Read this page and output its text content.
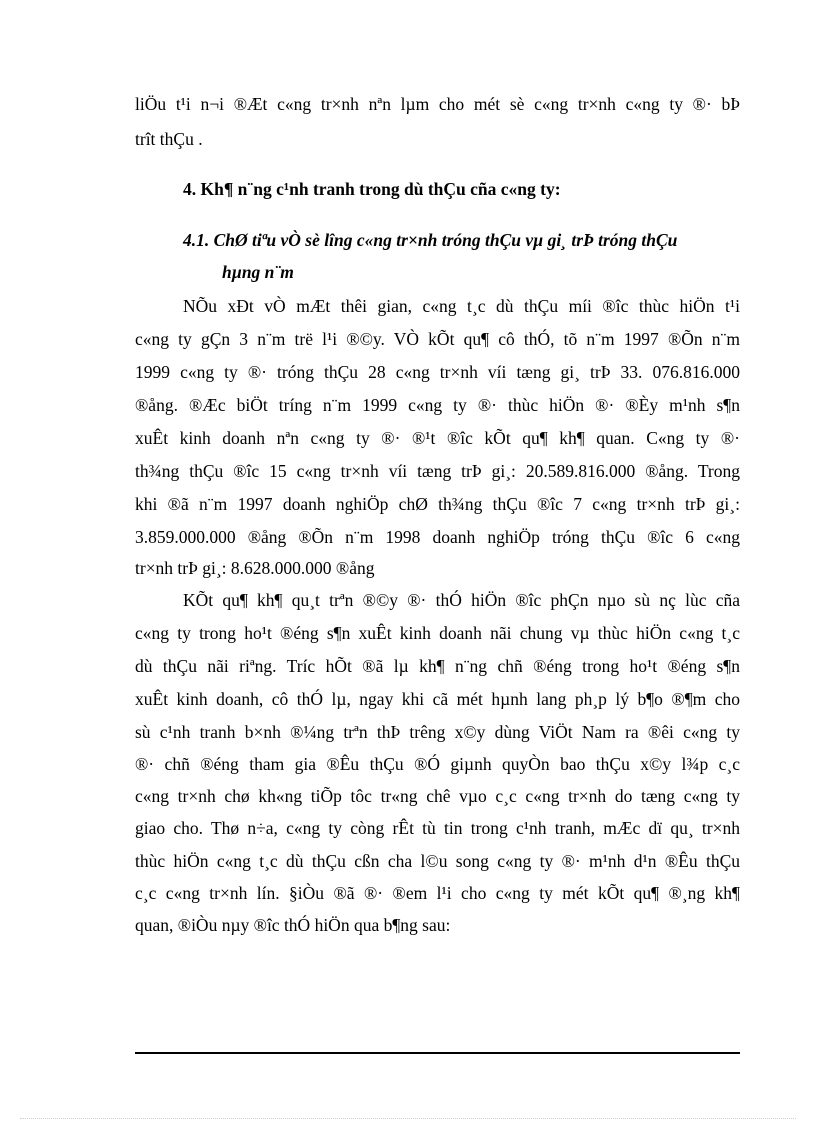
liÖu t¹i n¬i ®Æt c«ng tr×nh nªn lµm cho mét sè c«ng tr×nh c«ng ty ®· bÞ
trît thÇu .
4. Kh¶ n¨ng c¹nh tranh trong dù thÇu cña c«ng ty:
4.1. ChØ tiªu vÒ sè lîng c«ng tr×nh tróng thÇu vµ gi¸ trÞ tróng thÇu
hµng n¨m
NÕu xÐt vÒ mÆt thêi gian, c«ng t¸c dù thÇu míi ®îc thùc hiÖn t¹i
c«ng ty gÇn 3 n¨m trë l¹i ®©y. VÒ kÕt qu¶ cô thÓ, tõ n¨m 1997 ®Õn n¨m
1999 c«ng ty ®· tróng thÇu 28 c«ng tr×nh víi tæng gi¸ trÞ 33. 076.816.000
®ång. ®Æc biÖt tríng n¨m 1999 c«ng ty ®· thùc hiÖn ®· ®Èy m¹nh s¶n
xuÊt kinh doanh nªn c«ng ty ®· ®¹t ®îc kÕt qu¶ kh¶ quan. C«ng ty ®·
th¾ng thÇu ®îc 15 c«ng tr×nh víi tæng trÞ gi¸: 20.589.816.000 ®ång. Trong
khi ®ã n¨m 1997 doanh nghiÖp chØ th¾ng thÇu ®îc 7 c«ng tr×nh trÞ gi¸:
3.859.000.000 ®ång ®Õn n¨m 1998 doanh nghiÖp tróng thÇu ®îc 6 c«ng
tr×nh trÞ gi¸: 8.628.000.000 ®ång
KÕt qu¶ kh¶ qu¸t trªn ®©y ®· thÓ hiÖn ®îc phÇn nµo sù nç lùc cña
c«ng ty trong ho¹t ®éng s¶n xuÊt kinh doanh nãi chung vµ thùc hiÖn c«ng t¸c
dù thÇu nãi riªng. Tríc hÕt ®ã lµ kh¶ n¨ng chñ ®éng trong ho¹t ®éng s¶n
xuÊt kinh doanh, cô thÓ lµ, ngay khi cã mét hµnh lang ph¸p lý b¶o ®¶m cho
sù c¹nh tranh b×nh ®¼ng trªn thÞ trêng x©y dùng ViÖt Nam ra ®êi c«ng ty
®· chñ ®éng tham gia ®Êu thÇu ®Ó giµnh quyÒn bao thÇu x©y l¾p c¸c
c«ng tr×nh chø kh«ng tiÕp tôc tr«ng chê vµo c¸c c«ng tr×nh do tæng c«ng ty
giao cho. Thø n÷a, c«ng ty còng rÊt tù tin trong c¹nh tranh, mÆc dï qu¸ tr×nh
thùc hiÖn c«ng t¸c dù thÇu cßn cha l©u song c«ng ty ®· m¹nh d¹n ®Êu thÇu
c¸c c«ng tr×nh lín. §iÒu ®ã ®· ®em l¹i cho c«ng ty mét kÕt qu¶ ®¸ng kh¶
quan, ®iÒu nµy ®îc thÓ hiÖn qua b¶ng sau:
